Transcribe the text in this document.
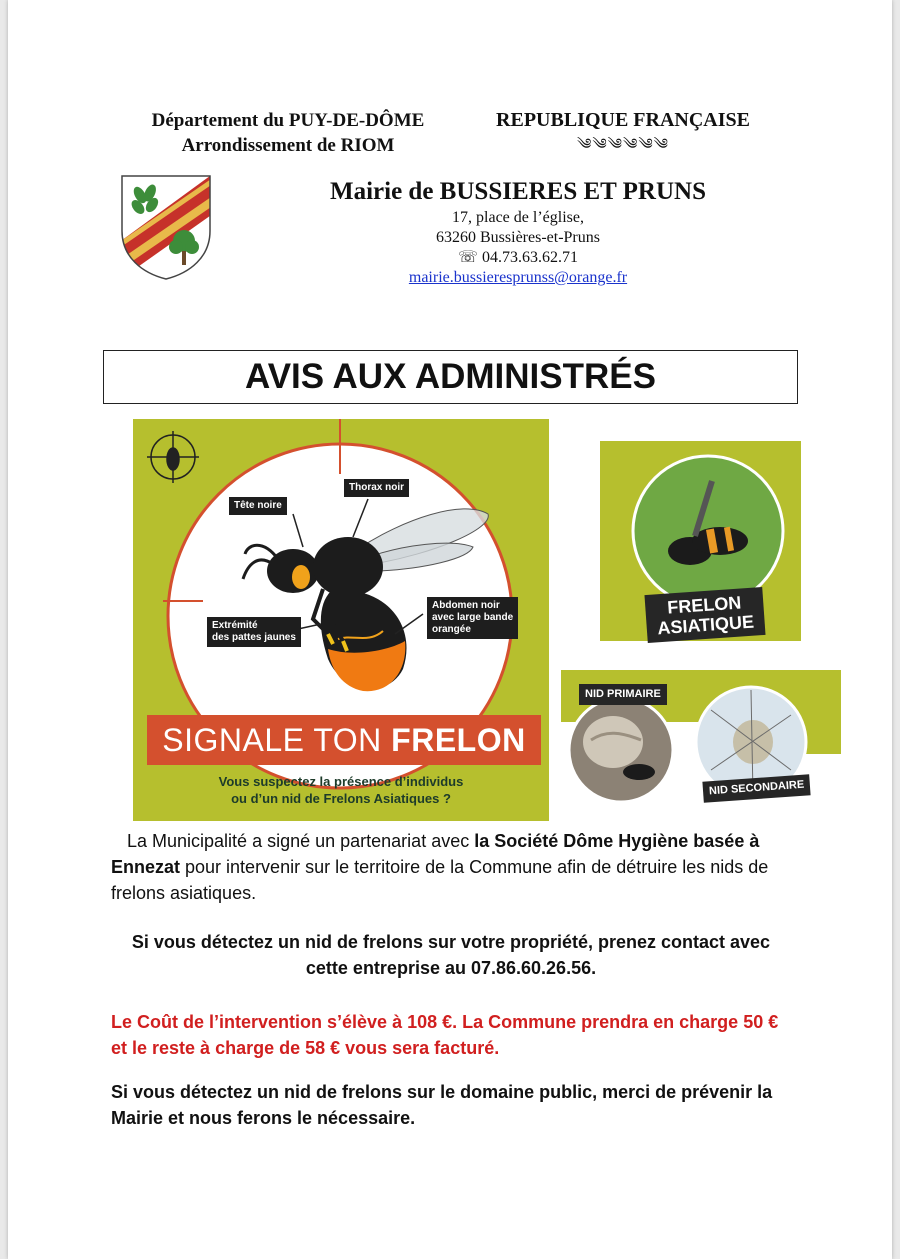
Département du PUY-DE-DÔME
Arrondissement de RIOM
REPUBLIQUE FRANÇAISE
༄༄༄༄༄༄
Mairie de BUSSIERES ET PRUNS
17, place de l’église,
63260 Bussières-et-Pruns
☏ 04.73.63.62.71
mairie.bussieresprunss@orange.fr
AVIS AUX ADMINISTRÉS
Tête noire
Thorax noir
Extrémité
des pattes jaunes
Abdomen noir
avec large bande
orangée
SIGNALE TON FRELON
Vous suspectez la présence d’individus
ou d’un nid de Frelons Asiatiques ?
FRELON
ASIATIQUE
NID PRIMAIRE
NID SECONDAIRE
La Municipalité a signé un partenariat avec la Société Dôme Hygiène basée à Ennezat pour intervenir sur le territoire de la Commune afin de détruire les nids de frelons asiatiques.
Si vous détectez un nid de frelons sur votre propriété, prenez contact avec cette entreprise au 07.86.60.26.56.
Le Coût de l’intervention s’élève à 108 €. La Commune prendra en charge 50 € et le reste à charge de 58 € vous sera facturé.
Si vous détectez un nid de frelons sur le domaine public, merci de prévenir la Mairie et nous ferons le nécessaire.
